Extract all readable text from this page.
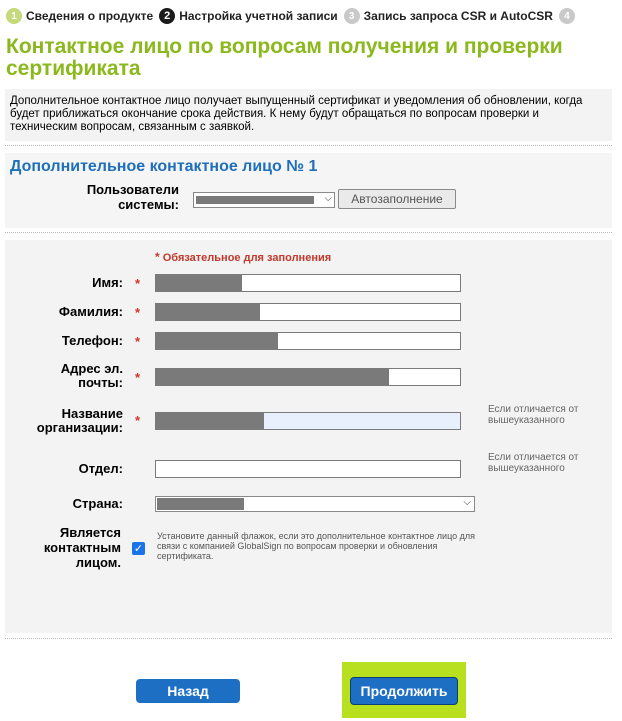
1 Сведения о продукте 2 Настройка учетной записи	3 Запись запроса CSR и AutoCSR	4
Контактное лицо по вопросам получения и проверки сертификата
Дополнительное контактное лицо получает выпущенный сертификат и уведомления об обновлении, когда будет приближаться окончание срока действия. К нему будут обращаться по вопросам проверки и техническим вопросам, связанным с заявкой.
Дополнительное контактное лицо № 1
Пользователи системы:	⌵	Автозаполнение
* Обязательное для заполнения
Имя: *
Фамилия: *
Телефон: *
Адрес эл. почты: *
Название организации: *
Если отличается от вышеуказанного
Отдел:
Если отличается от вышеуказанного
Страна:	⌵
Является контактным лицом.
✓
Установите данный флажок, если это дополнительное контактное лицо для связи с компанией GlobalSign по вопросам проверки и обновления сертификата.
Назад	Продолжить
